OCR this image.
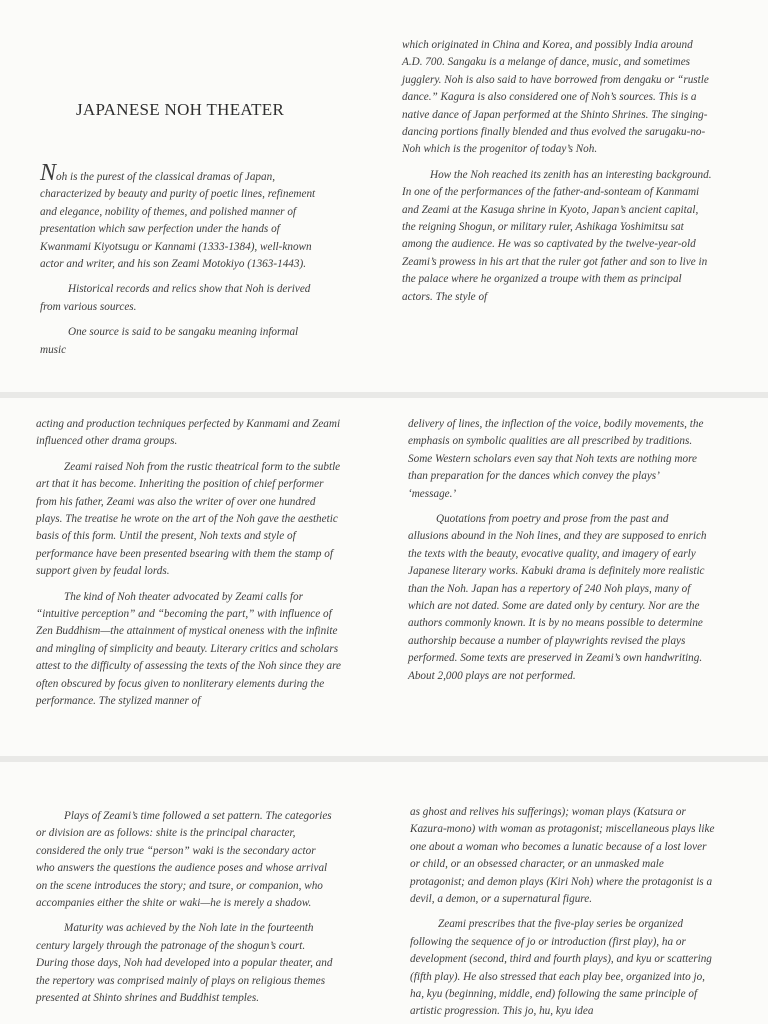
JAPANESE NOH THEATER

Noh is the purest of the classical dramas of Japan, characterized by beauty and purity of poetic lines, refinement and elegance, nobility of themes, and polished manner of presentation which saw perfection under the hands of Kwanmami Kiyotsugu or Kannami (1333-1384), well-known actor and writer, and his son Zeami Motokiyo (1363-1443).

Historical records and relics show that Noh is derived from various sources.

One source is said to be sangaku meaning informal music

which originated in China and Korea, and possibly India around A.D. 700. Sangaku is a melange of dance, music, and sometimes jugglery. Noh is also said to have borrowed from dengaku or “rustle dance.” Kagura is also considered one of Noh’s sources. This is a native dance of Japan performed at the Shinto Shrines. The singing-dancing portions finally blended and thus evolved the sarugaku-no-Noh which is the progenitor of today’s Noh.

How the Noh reached its zenith has an interesting background. In one of the performances of the father-and-sonteam of Kanmami and Zeami at the Kasuga shrine in Kyoto, Japan’s ancient capital, the reigning Shogun, or military ruler, Ashikaga Yoshimitsu sat among the audience. He was so captivated by the twelve-year-old Zeami’s prowess in his art that the ruler got father and son to live in the palace where he organized a troupe with them as principal actors. The style of

acting and production techniques perfected by Kanmami and Zeami influenced other drama groups.

Zeami raised Noh from the rustic theatrical form to the subtle art that it has become. Inheriting the position of chief performer from his father, Zeami was also the writer of over one hundred plays. The treatise he wrote on the art of the Noh gave the aesthetic basis of this form. Until the present, Noh texts and style of performance have been presented bsearing with them the stamp of support given by feudal lords.

The kind of Noh theater advocated by Zeami calls for “intuitive perception” and “becoming the part,” with influence of Zen Buddhism—the attainment of mystical oneness with the infinite and mingling of simplicity and beauty. Literary critics and scholars attest to the difficulty of assessing the texts of the Noh since they are often obscured by focus given to nonliterary elements during the performance. The stylized manner of

delivery of lines, the inflection of the voice, bodily movements, the emphasis on symbolic qualities are all prescribed by traditions. Some Western scholars even say that Noh texts are nothing more than preparation for the dances which convey the plays’ ‘message.’

Quotations from poetry and prose from the past and allusions abound in the Noh lines, and they are supposed to enrich the texts with the beauty, evocative quality, and imagery of early Japanese literary works. Kabuki drama is definitely more realistic than the Noh. Japan has a repertory of 240 Noh plays, many of which are not dated. Some are dated only by century. Nor are the authors commonly known. It is by no means possible to determine authorship because a number of playwrights revised the plays performed. Some texts are preserved in Zeami’s own handwriting. About 2,000 plays are not performed.

Plays of Zeami’s time followed a set pattern. The categories or division are as follows: shite is the principal character, considered the only true “person” waki is the secondary actor who answers the questions the audience poses and whose arrival on the scene introduces the story; and tsure, or companion, who accompanies either the shite or waki—he is merely a shadow.

Maturity was achieved by the Noh late in the fourteenth century largely through the patronage of the shogun’s court. During those days, Noh had developed into a popular theater, and the repertory was comprised mainly of plays on religious themes presented at Shinto shrines and Buddhist temples.

as ghost and relives his sufferings); woman plays (Katsura or Kazura-mono) with woman as protagonist; miscellaneous plays like one about a woman who becomes a lunatic because of a lost lover or child, or an obsessed character, or an unmasked male protagonist; and demon plays (Kiri Noh) where the protagonist is a devil, a demon, or a supernatural figure.

Zeami prescribes that the five-play series be organized following the sequence of jo or introduction (first play), ha or development (second, third and fourth plays), and kyu or scattering (fifth play). He also stressed that each play bee, organized into jo, ha, kyu (beginning, middle, end) following the same principle of artistic progression. This jo, hu, kyu idea
